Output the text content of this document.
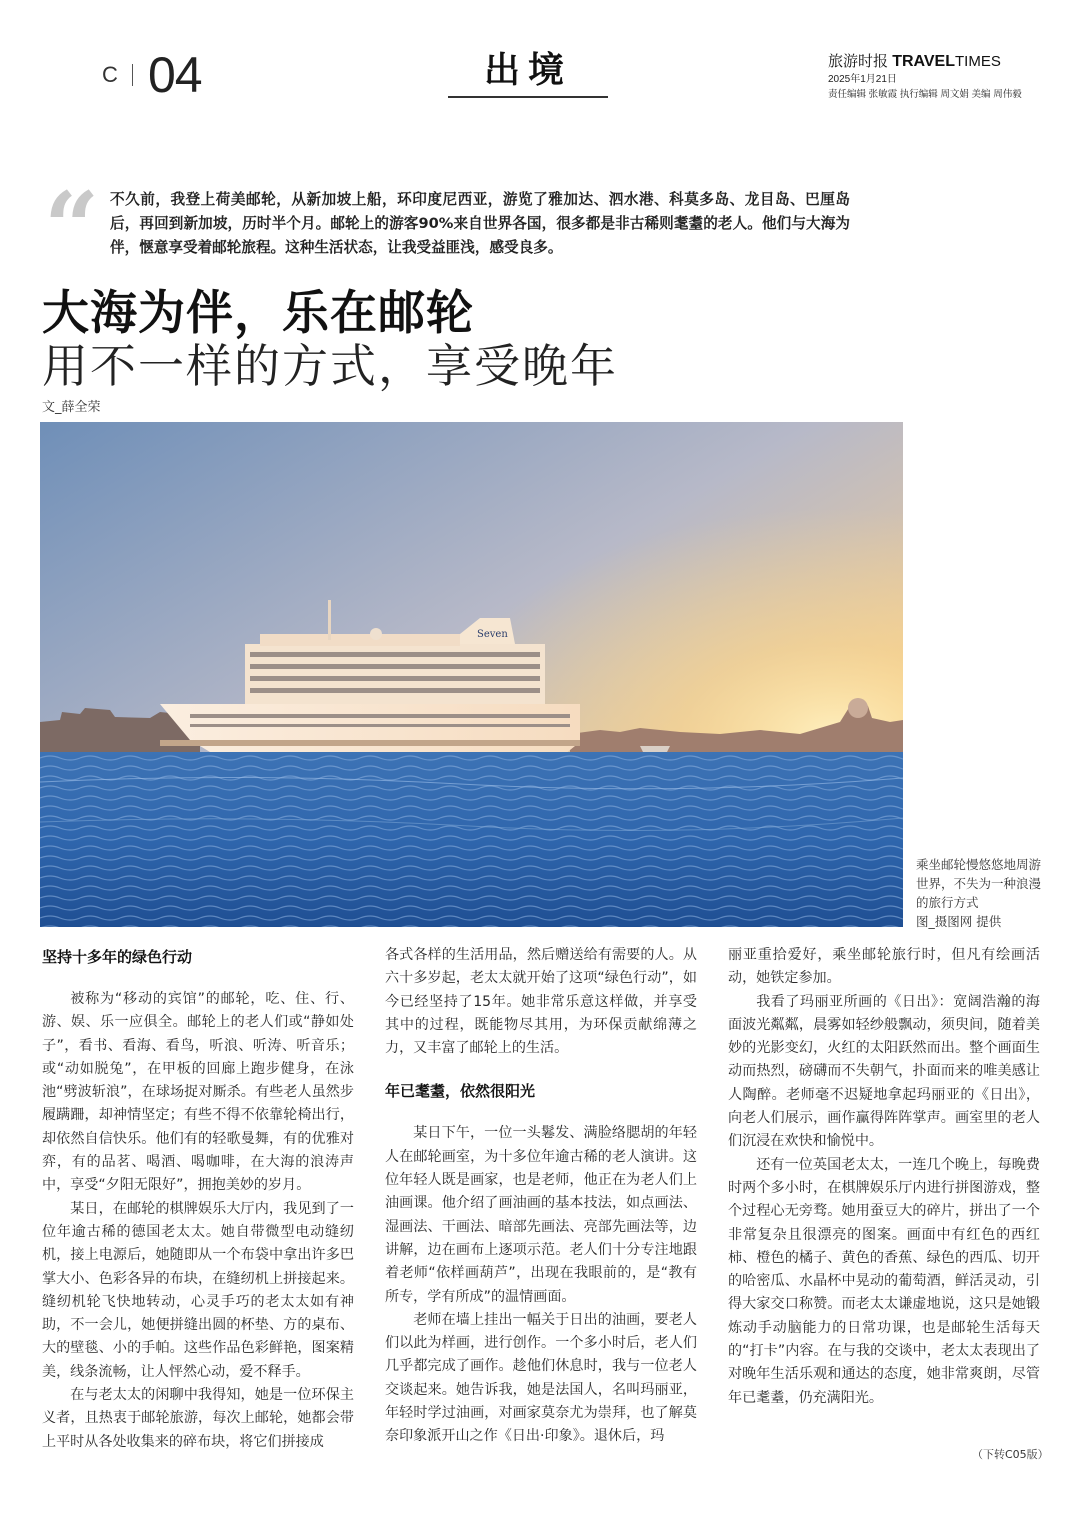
C 04	出境	旅游时报 TRAVELTIMES
2025年1月21日
责任编辑 张敏霞 执行编辑 周文娟 美编 周伟毅
“ 不久前，我登上荷美邮轮，从新加坡上船，环印度尼西亚，游览了雅加达、泗水港、科莫多岛、龙目岛、巴厘岛后，再回到新加坡，历时半个月。邮轮上的游客90%来自世界各国，很多都是非古稀则耄耋的老人。他们与大海为伴，惬意享受着邮轮旅程。这种生活状态，让我受益匪浅，感受良多。
大海为伴，乐在邮轮
用不一样的方式，享受晚年
文_薛全荣
Seven
乘坐邮轮慢悠悠地周游世界，不失为一种浪漫的旅行方式
图_摄图网 提供
坚持十多年的绿色行动

被称为“移动的宾馆”的邮轮，吃、住、行、游、娱、乐一应俱全。邮轮上的老人们或“静如处子”，看书、看海、看鸟，听浪、听涛、听音乐；或“动如脱兔”，在甲板的回廊上跑步健身，在泳池“劈波斩浪”，在球场捉对厮杀。有些老人虽然步履蹒跚，却神情坚定；有些不得不依靠轮椅出行，却依然自信快乐。他们有的轻歌曼舞，有的优雅对弈，有的品茗、喝酒、喝咖啡，在大海的浪涛声中，享受“夕阳无限好”，拥抱美妙的岁月。

某日，在邮轮的棋牌娱乐大厅内，我见到了一位年逾古稀的德国老太太。她自带微型电动缝纫机，接上电源后，她随即从一个布袋中拿出许多巴掌大小、色彩各异的布块，在缝纫机上拼接起来。缝纫机轮飞快地转动，心灵手巧的老太太如有神助，不一会儿，她便拼缝出圆的杯垫、方的桌布、大的壁毯、小的手帕。这些作品色彩鲜艳，图案精美，线条流畅，让人怦然心动，爱不释手。

在与老太太的闲聊中我得知，她是一位环保主义者，且热衷于邮轮旅游，每次上邮轮，她都会带上平时从各处收集来的碎布块，将它们拼接成

各式各样的生活用品，然后赠送给有需要的人。从六十多岁起，老太太就开始了这项“绿色行动”，如今已经坚持了15年。她非常乐意这样做，并享受其中的过程，既能物尽其用，为环保贡献绵薄之力，又丰富了邮轮上的生活。

年已耄耋，依然很阳光

某日下午，一位一头鬈发、满脸络腮胡的年轻人在邮轮画室，为十多位年逾古稀的老人演讲。这位年轻人既是画家，也是老师，他正在为老人们上油画课。他介绍了画油画的基本技法，如点画法、湿画法、干画法、暗部先画法、亮部先画法等，边讲解，边在画布上逐项示范。老人们十分专注地跟着老师“依样画葫芦”，出现在我眼前的，是“教有所专，学有所成”的温情画面。

老师在墙上挂出一幅关于日出的油画，要老人们以此为样画，进行创作。一个多小时后，老人们几乎都完成了画作。趁他们休息时，我与一位老人交谈起来。她告诉我，她是法国人，名叫玛丽亚，年轻时学过油画，对画家莫奈尤为崇拜，也了解莫奈印象派开山之作《日出·印象》。退休后，玛

丽亚重拾爱好，乘坐邮轮旅行时，但凡有绘画活动，她铁定参加。

我看了玛丽亚所画的《日出》：宽阔浩瀚的海面波光粼粼，晨雾如轻纱般飘动，须臾间，随着美妙的光影变幻，火红的太阳跃然而出。整个画面生动而热烈，磅礴而不失朝气，扑面而来的唯美感让人陶醉。老师毫不迟疑地拿起玛丽亚的《日出》，向老人们展示，画作赢得阵阵掌声。画室里的老人们沉浸在欢快和愉悦中。

还有一位英国老太太，一连几个晚上，每晚费时两个多小时，在棋牌娱乐厅内进行拼图游戏，整个过程心无旁骛。她用蚕豆大的碎片，拼出了一个非常复杂且很漂亮的图案。画面中有红色的西红柿、橙色的橘子、黄色的香蕉、绿色的西瓜、切开的哈密瓜、水晶杯中晃动的葡萄酒，鲜活灵动，引得大家交口称赞。而老太太谦虚地说，这只是她锻炼动手动脑能力的日常功课，也是邮轮生活每天的“打卡”内容。在与我的交谈中，老太太表现出了对晚年生活乐观和通达的态度，她非常爽朗，尽管年已耄耋，仍充满阳光。

（下转C05版）
